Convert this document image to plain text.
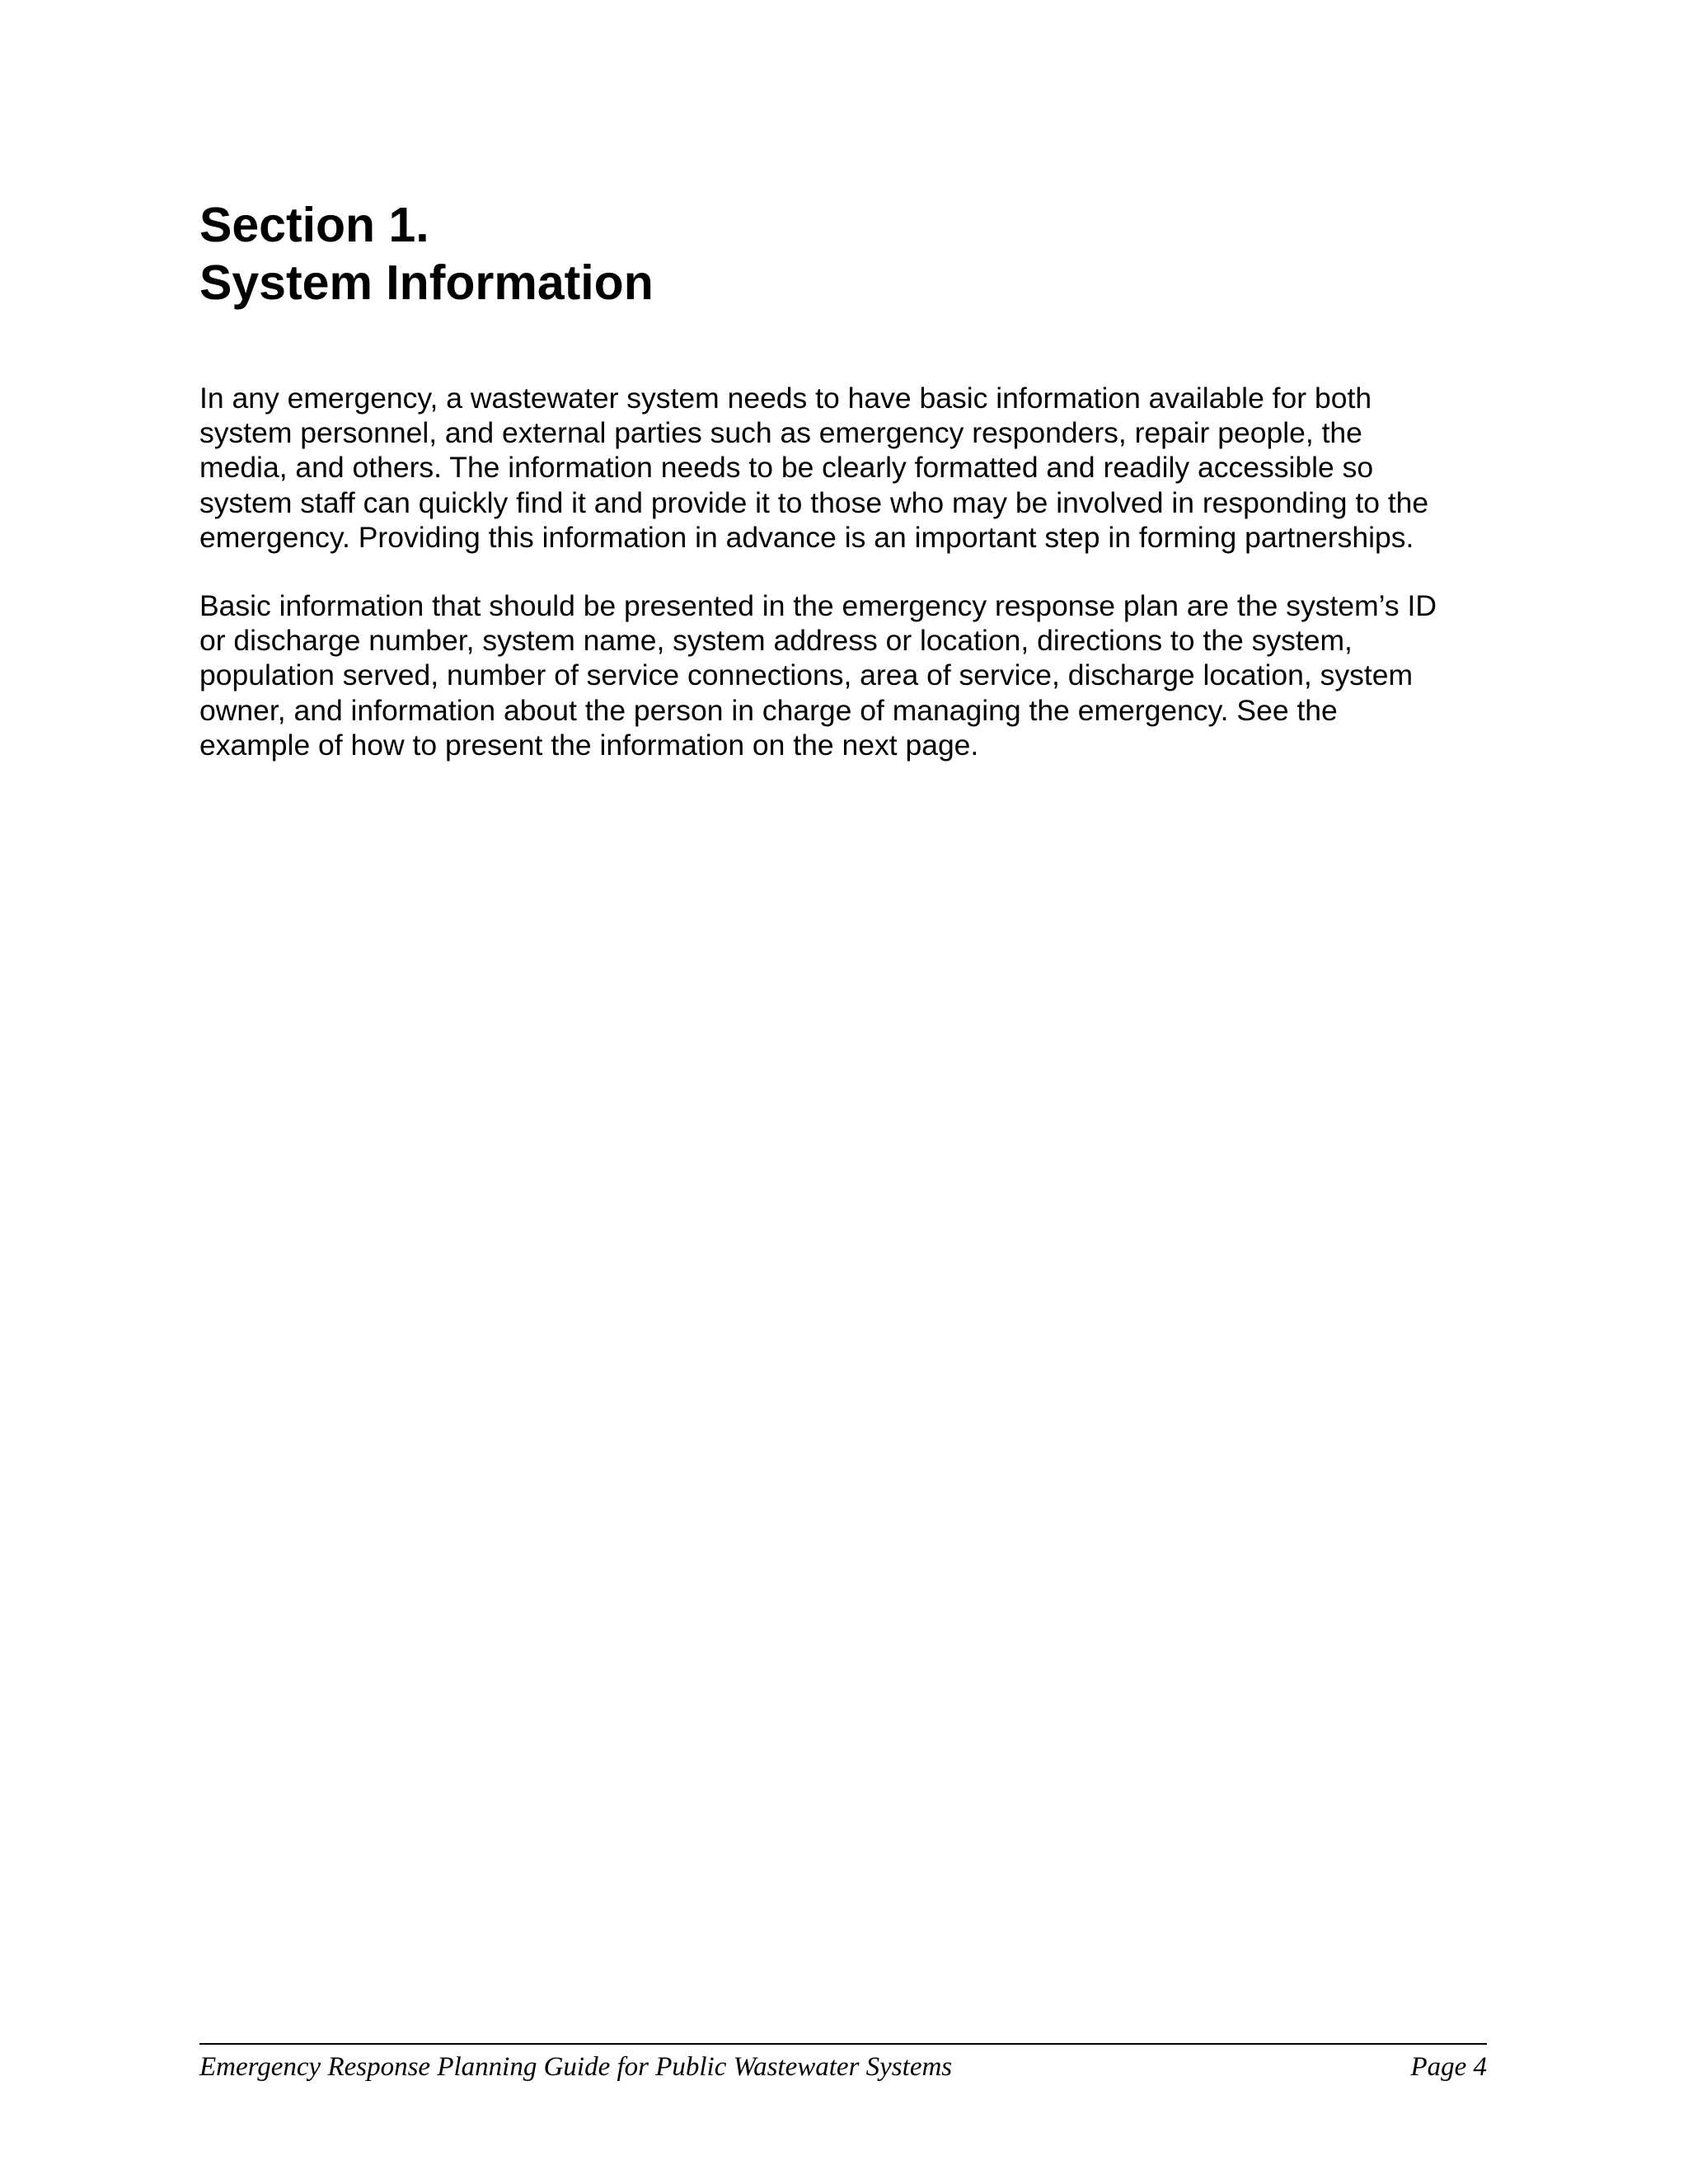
Section 1.
System Information

In any emergency, a wastewater system needs to have basic information available for both
system personnel, and external parties such as emergency responders, repair people, the
media, and others. The information needs to be clearly formatted and readily accessible so
system staff can quickly find it and provide it to those who may be involved in responding to the
emergency. Providing this information in advance is an important step in forming partnerships.

Basic information that should be presented in the emergency response plan are the system’s ID
or discharge number, system name, system address or location, directions to the system,
population served, number of service connections, area of service, discharge location, system
owner, and information about the person in charge of managing the emergency. See the
example of how to present the information on the next page.

Emergency Response Planning Guide for Public Wastewater Systems	Page 4
